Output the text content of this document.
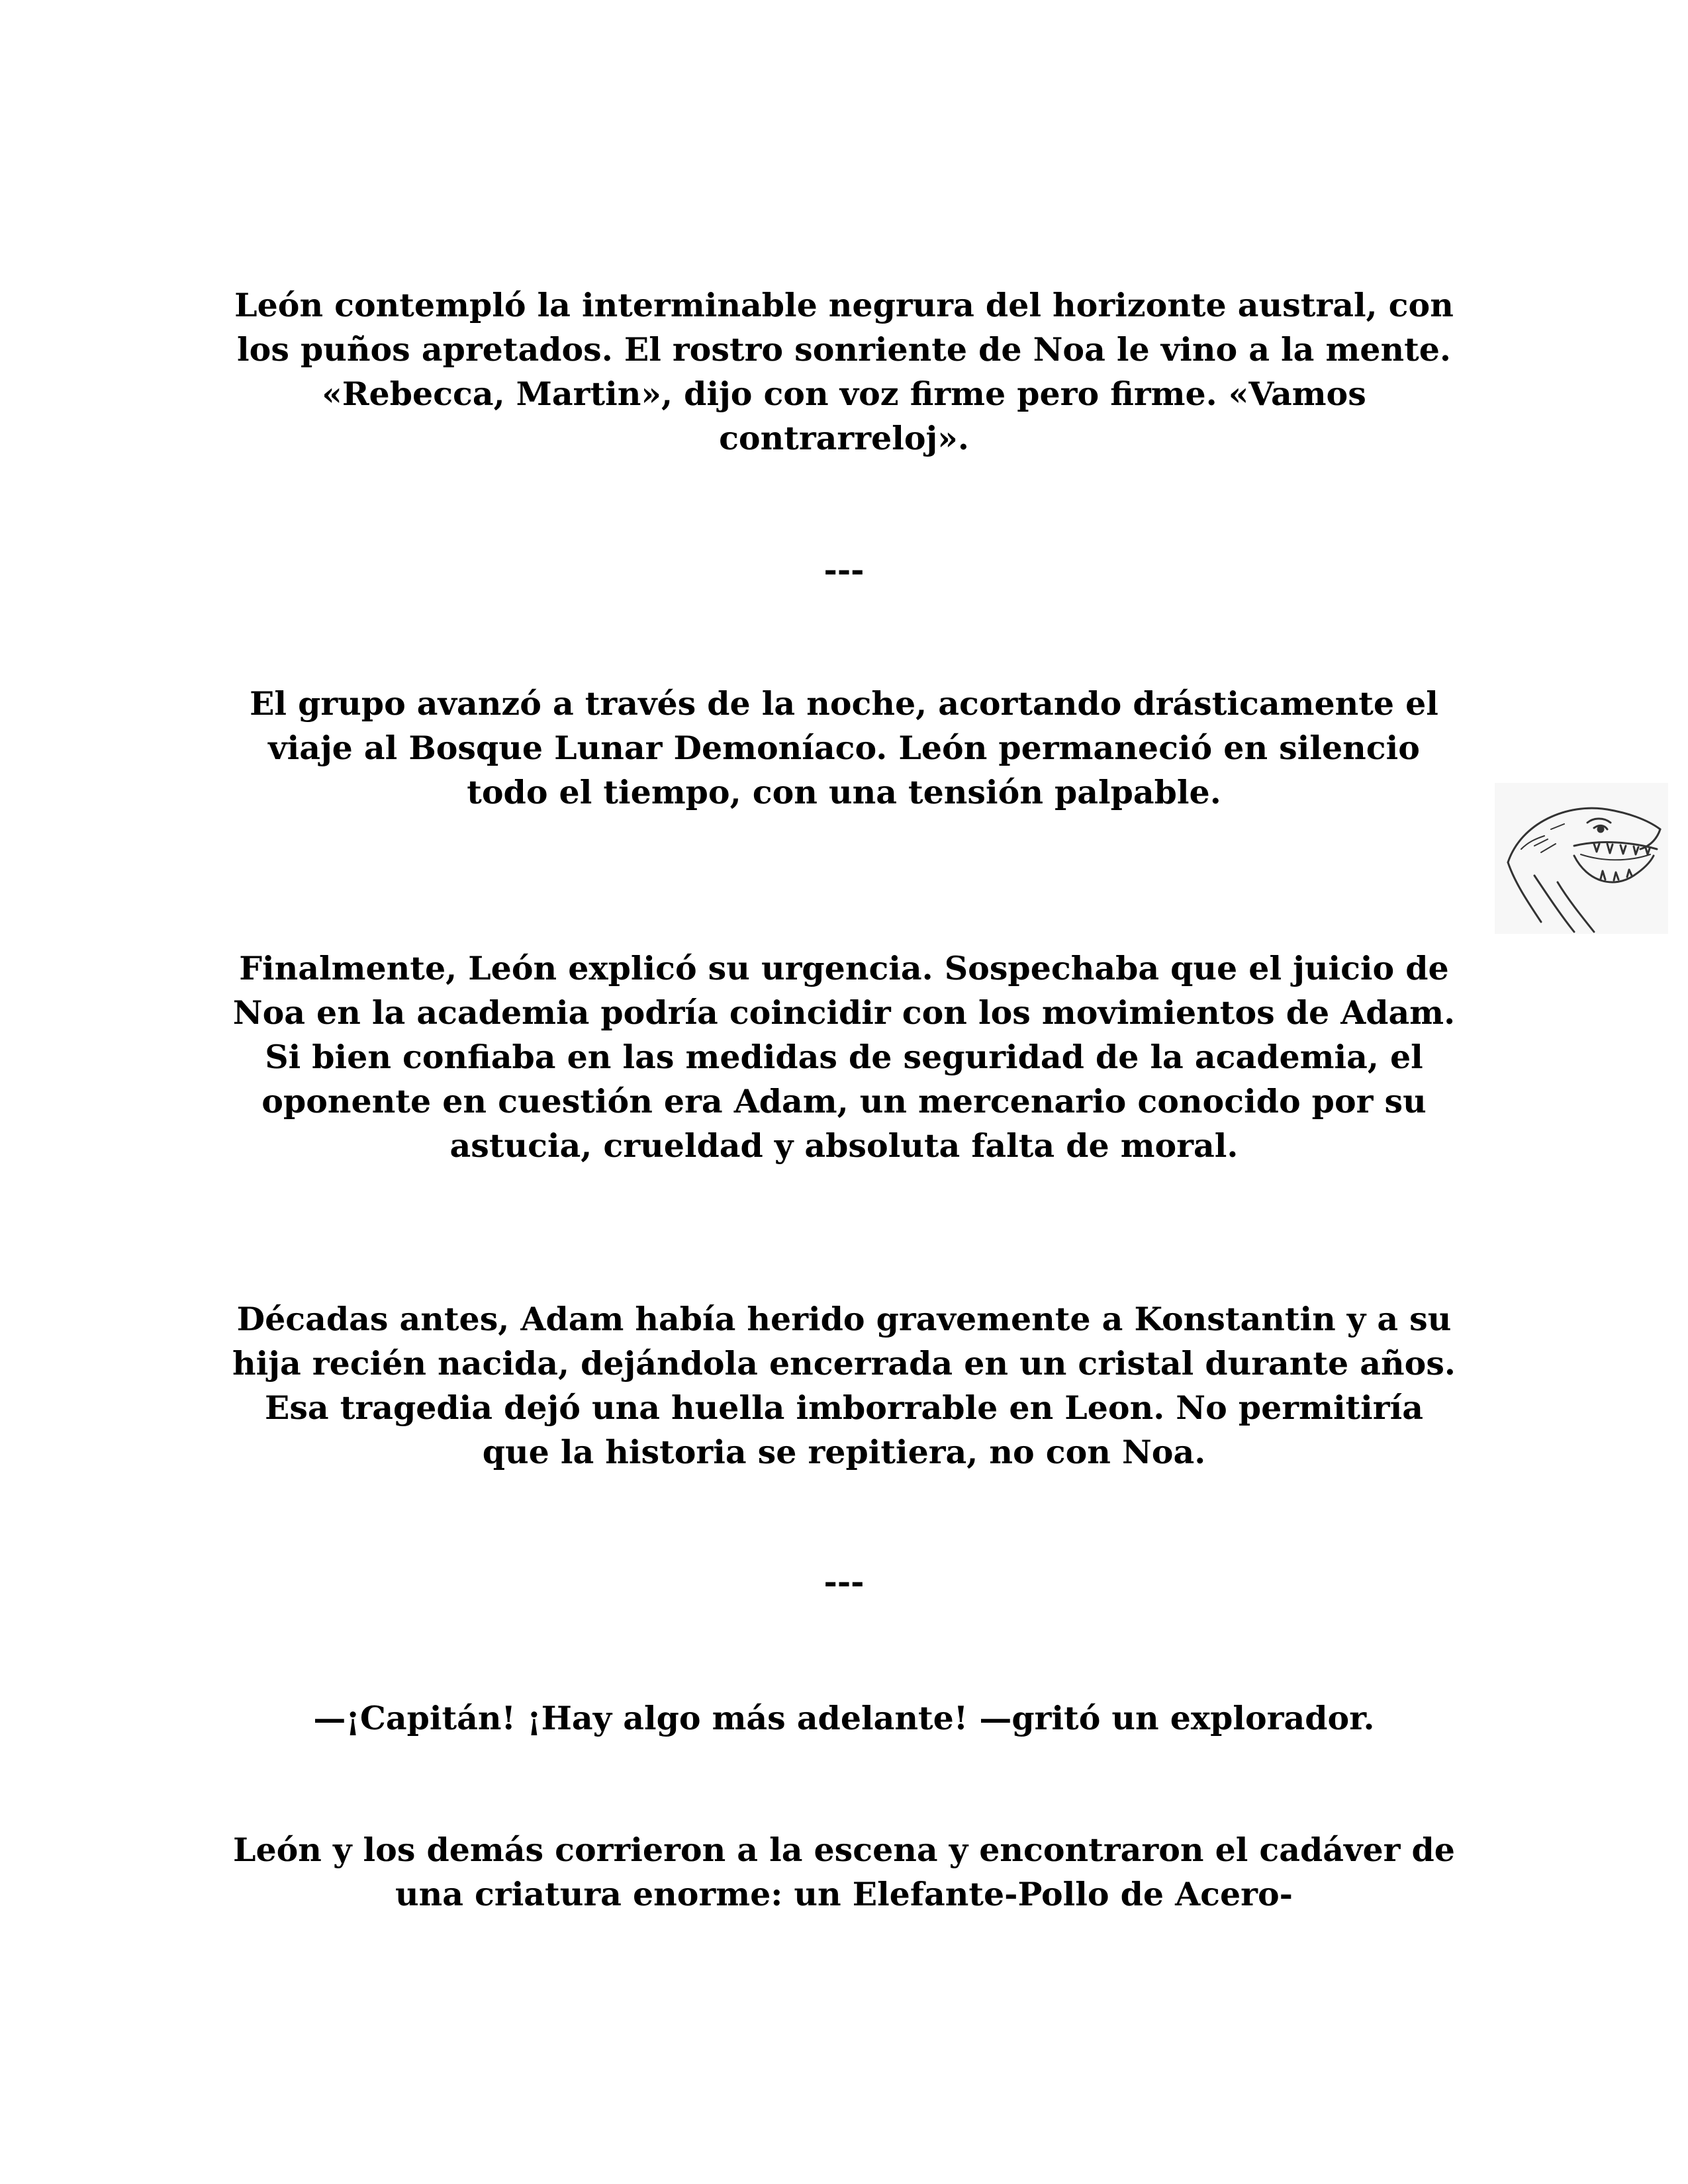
León contempló la interminable negrura del horizonte austral, con los puños apretados. El rostro sonriente de Noa le vino a la mente. «Rebecca, Martin», dijo con voz firme pero firme. «Vamos contrarreloj».

---

El grupo avanzó a través de la noche, acortando drásticamente el viaje al Bosque Lunar Demoníaco. León permaneció en silencio todo el tiempo, con una tensión palpable.

Finalmente, León explicó su urgencia. Sospechaba que el juicio de Noa en la academia podría coincidir con los movimientos de Adam. Si bien confiaba en las medidas de seguridad de la academia, el oponente en cuestión era Adam, un mercenario conocido por su astucia, crueldad y absoluta falta de moral.

Décadas antes, Adam había herido gravemente a Konstantin y a su hija recién nacida, dejándola encerrada en un cristal durante años. Esa tragedia dejó una huella imborrable en Leon. No permitiría que la historia se repitiera, no con Noa.

---

—¡Capitán! ¡Hay algo más adelante! —gritó un explorador.

León y los demás corrieron a la escena y encontraron el cadáver de una criatura enorme: un Elefante-Pollo de Acero-
